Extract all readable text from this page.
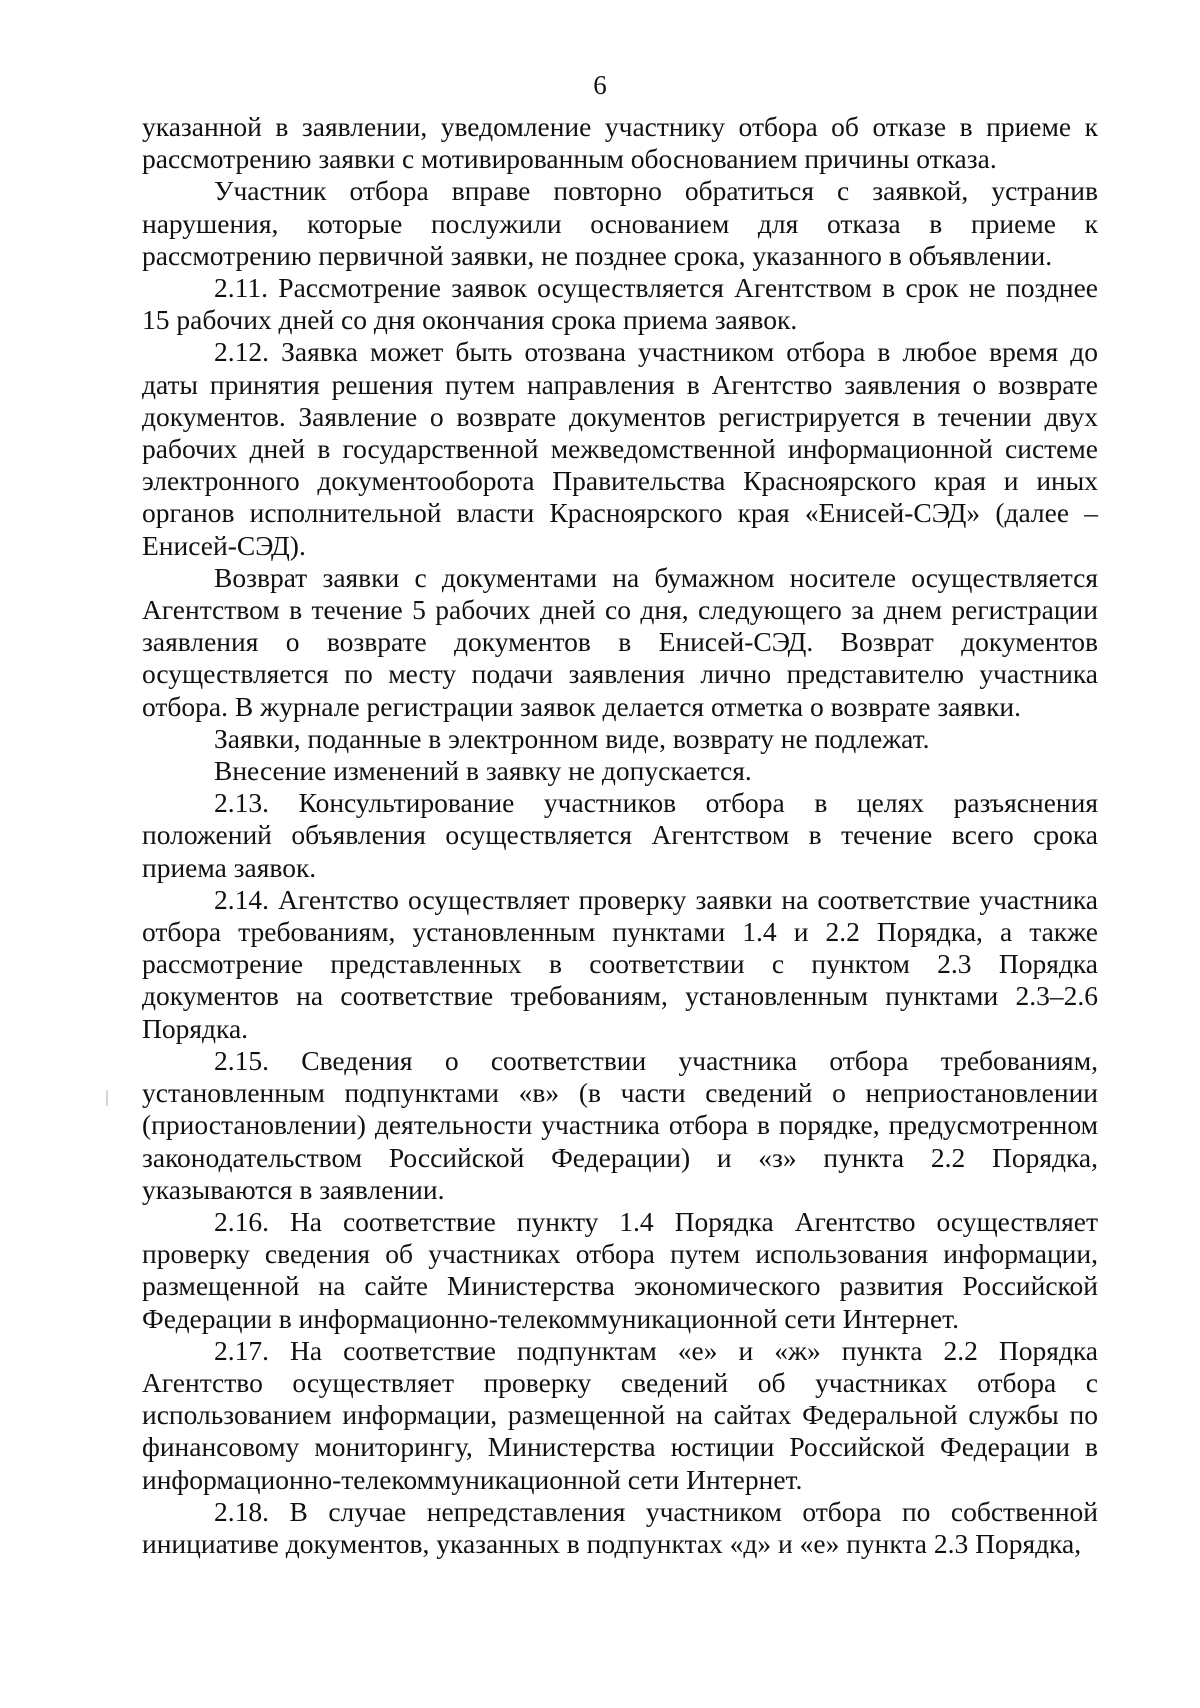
6

указанной в заявлении, уведомление участнику отбора об отказе в приеме к рассмотрению заявки с мотивированным обоснованием причины отказа.

Участник отбора вправе повторно обратиться с заявкой, устранив нарушения, которые послужили основанием для отказа в приеме к рассмотрению первичной заявки, не позднее срока, указанного в объявлении.

2.11. Рассмотрение заявок осуществляется Агентством в срок не позднее 15 рабочих дней со дня окончания срока приема заявок.

2.12. Заявка может быть отозвана участником отбора в любое время до даты принятия решения путем направления в Агентство заявления о возврате документов. Заявление о возврате документов регистрируется в течении двух рабочих дней в государственной межведомственной информационной системе электронного документооборота Правительства Красноярского края и иных органов исполнительной власти Красноярского края «Енисей-СЭД» (далее – Енисей-СЭД).

Возврат заявки с документами на бумажном носителе осуществляется Агентством в течение 5 рабочих дней со дня, следующего за днем регистрации заявления о возврате документов в Енисей-СЭД. Возврат документов осуществляется по месту подачи заявления лично представителю участника отбора. В журнале регистрации заявок делается отметка о возврате заявки.

Заявки, поданные в электронном виде, возврату не подлежат.

Внесение изменений в заявку не допускается.

2.13. Консультирование участников отбора в целях разъяснения положений объявления осуществляется Агентством в течение всего срока приема заявок.

2.14. Агентство осуществляет проверку заявки на соответствие участника отбора требованиям, установленным пунктами 1.4 и 2.2 Порядка, а также рассмотрение представленных в соответствии с пунктом 2.3 Порядка документов на соответствие требованиям, установленным пунктами 2.3–2.6 Порядка.

2.15. Сведения о соответствии участника отбора требованиям, установленным подпунктами «в» (в части сведений о неприостановлении (приостановлении) деятельности участника отбора в порядке, предусмотренном законодательством Российской Федерации) и «з» пункта 2.2 Порядка, указываются в заявлении.

2.16. На соответствие пункту 1.4 Порядка Агентство осуществляет проверку сведения об участниках отбора путем использования информации, размещенной на сайте Министерства экономического развития Российской Федерации в информационно-телекоммуникационной сети Интернет.

2.17. На соответствие подпунктам «е» и «ж» пункта 2.2 Порядка Агентство осуществляет проверку сведений об участниках отбора с использованием информации, размещенной на сайтах Федеральной службы по финансовому мониторингу, Министерства юстиции Российской Федерации в информационно-телекоммуникационной сети Интернет.

2.18. В случае непредставления участником отбора по собственной инициативе документов, указанных в подпунктах «д» и «е» пункта 2.3 Порядка,
